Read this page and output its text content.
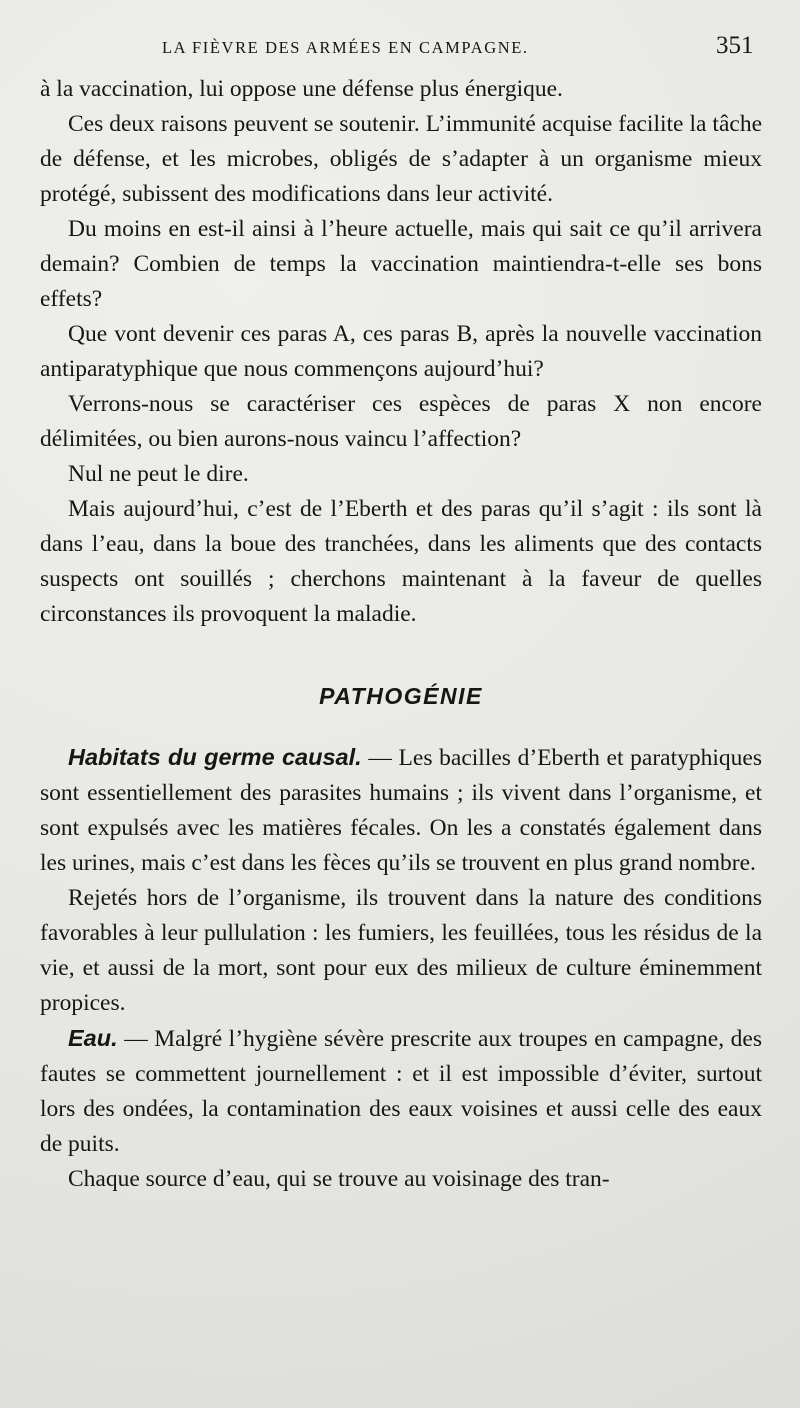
LA FIÈVRE DES ARMÉES EN CAMPAGNE.	351

à la vaccination, lui oppose une défense plus énergique.

Ces deux raisons peuvent se soutenir. L’immunité acquise facilite la tâche de défense, et les microbes, obligés de s’adapter à un organisme mieux protégé, subissent des modifications dans leur activité.

Du moins en est-il ainsi à l’heure actuelle, mais qui sait ce qu’il arrivera demain? Combien de temps la vaccination maintiendra-t-elle ses bons effets?

Que vont devenir ces paras A, ces paras B, après la nouvelle vaccination antiparatyphique que nous commençons aujourd’hui?

Verrons-nous se caractériser ces espèces de paras X non encore délimitées, ou bien aurons-nous vaincu l’affection?

Nul ne peut le dire.

Mais aujourd’hui, c’est de l’Eberth et des paras qu’il s’agit : ils sont là dans l’eau, dans la boue des tranchées, dans les aliments que des contacts suspects ont souillés ; cherchons maintenant à la faveur de quelles circonstances ils provoquent la maladie.

PATHOGÉNIE

Habitats du germe causal. — Les bacilles d’Eberth et paratyphiques sont essentiellement des parasites humains ; ils vivent dans l’organisme, et sont expulsés avec les matières fécales. On les a constatés également dans les urines, mais c’est dans les fèces qu’ils se trouvent en plus grand nombre.

Rejetés hors de l’organisme, ils trouvent dans la nature des conditions favorables à leur pullulation : les fumiers, les feuillées, tous les résidus de la vie, et aussi de la mort, sont pour eux des milieux de culture éminemment propices.

Eau. — Malgré l’hygiène sévère prescrite aux troupes en campagne, des fautes se commettent journellement : et il est impossible d’éviter, surtout lors des ondées, la contamination des eaux voisines et aussi celle des eaux de puits.

Chaque source d’eau, qui se trouve au voisinage des tran-
